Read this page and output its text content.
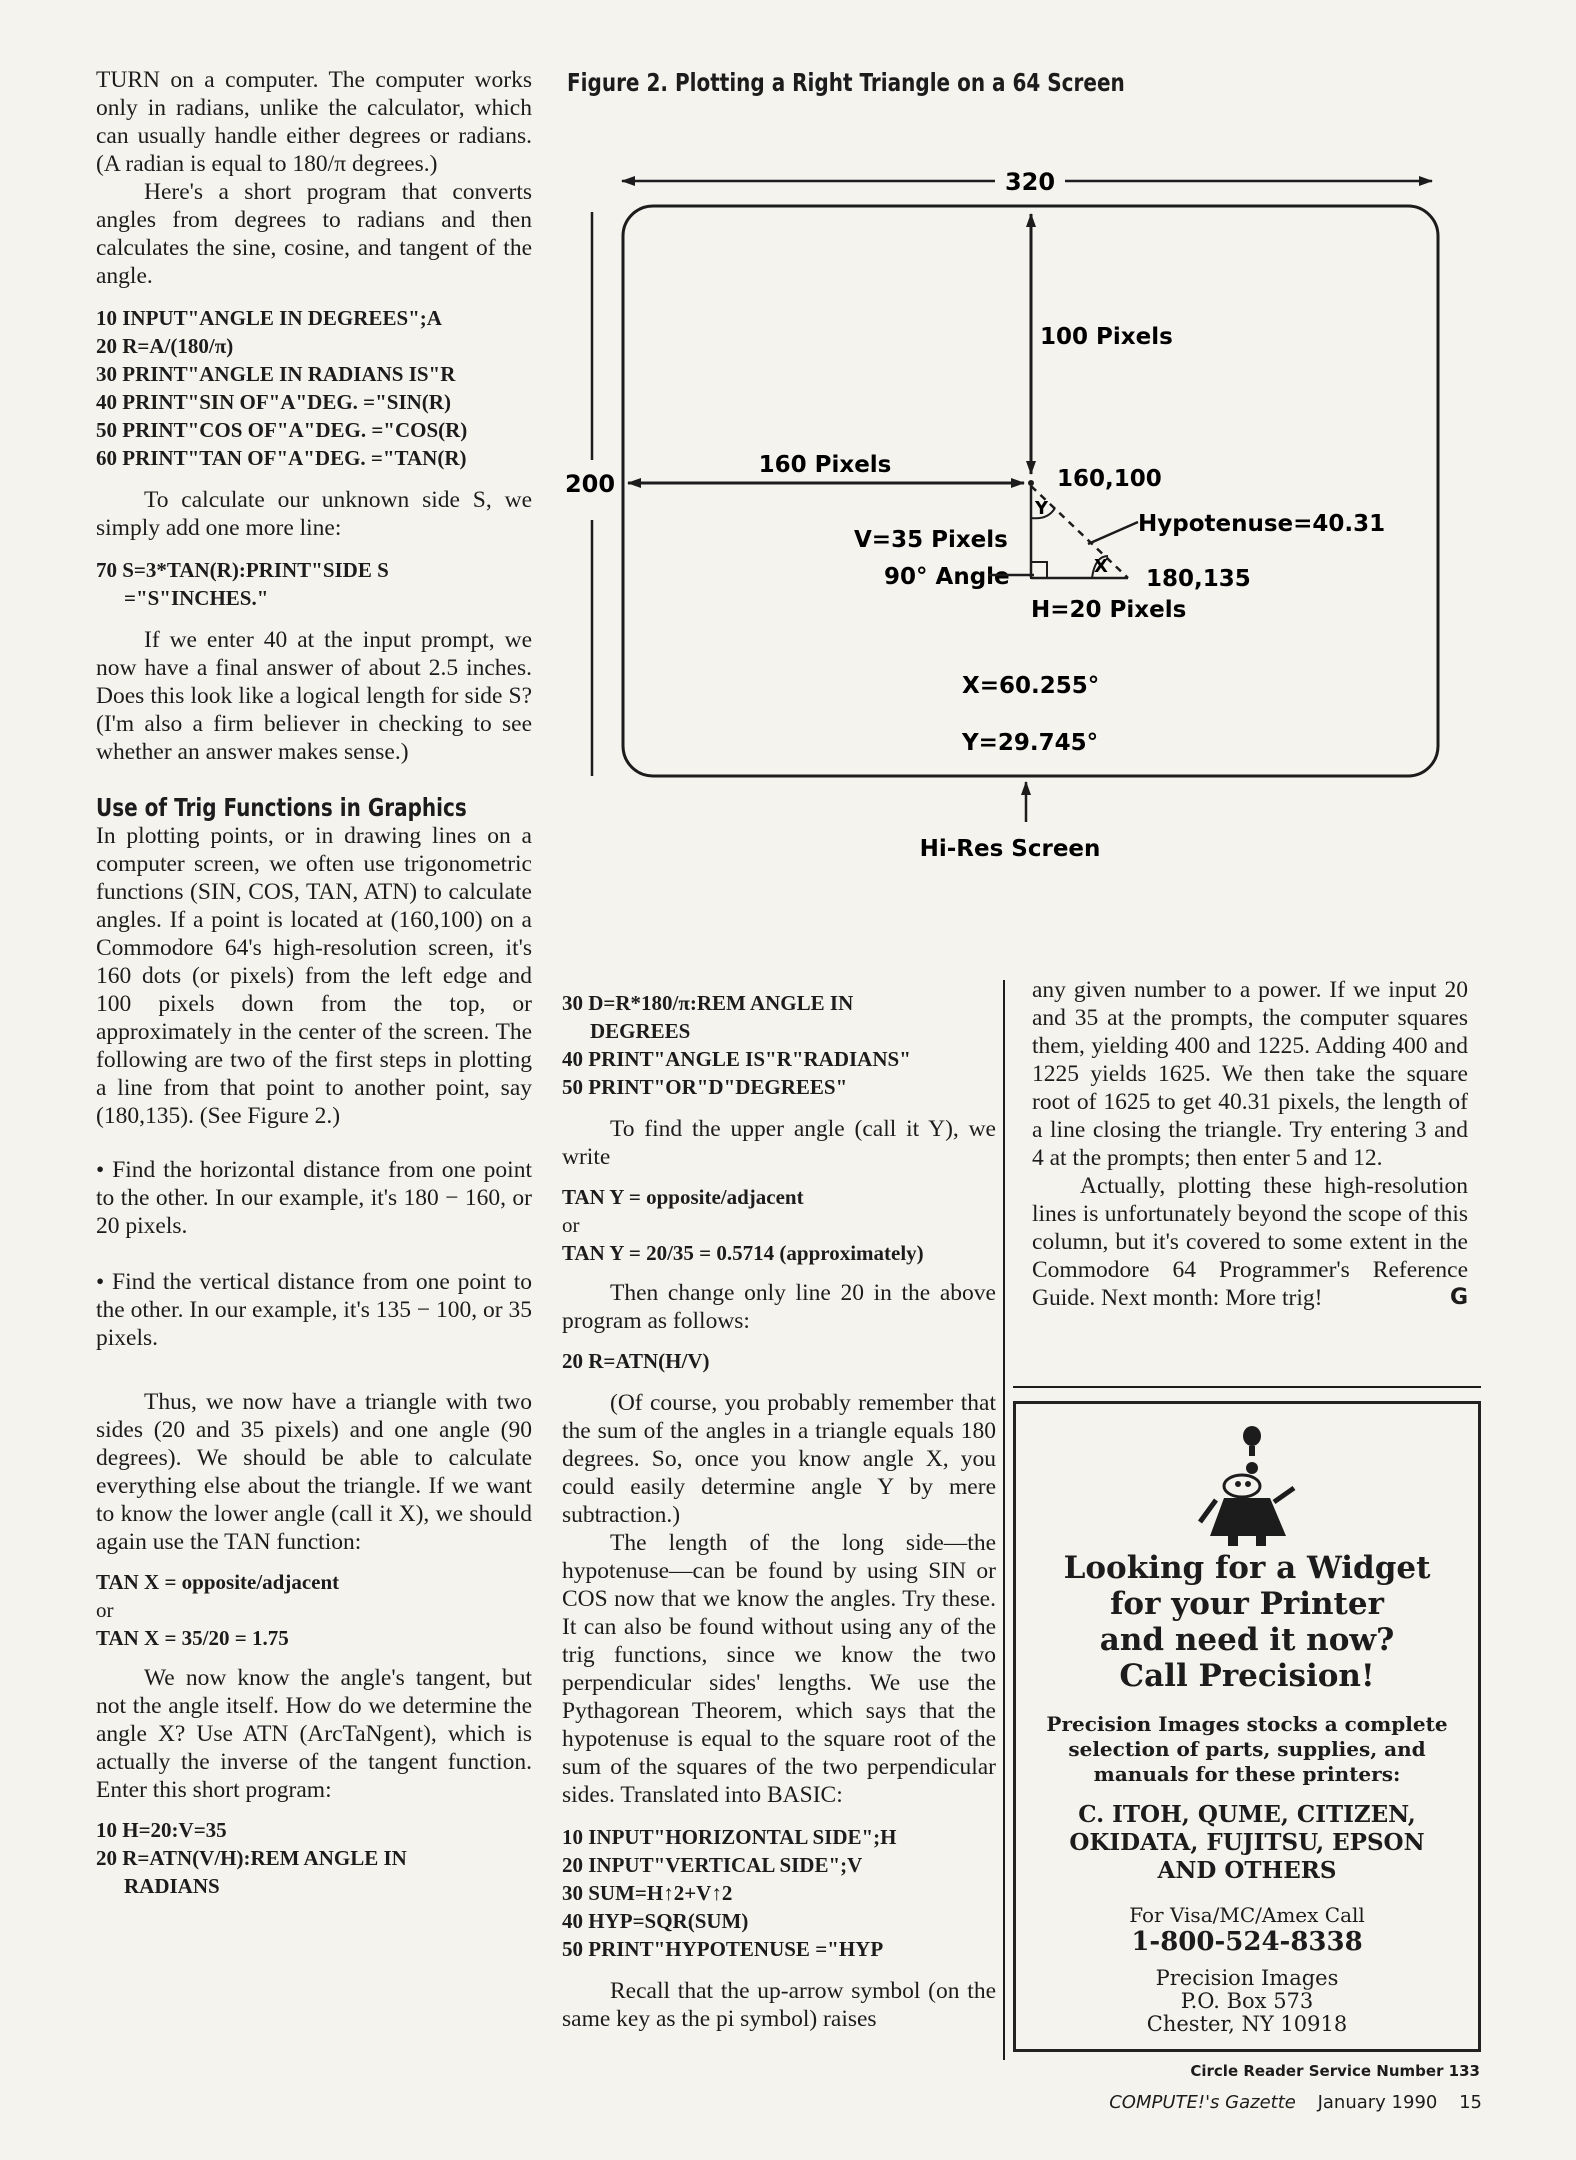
TURN on a computer. The computer works only in radians, unlike the calculator, which can usually handle either degrees or radians. (A radian is equal to 180/π degrees.)

Here's a short program that converts angles from degrees to radians and then calculates the sine, cosine, and tangent of the angle.

10 INPUT"ANGLE IN DEGREES";A
20 R=A/(180/π)
30 PRINT"ANGLE IN RADIANS IS"R
40 PRINT"SIN OF"A"DEG. ="SIN(R)
50 PRINT"COS OF"A"DEG. ="COS(R)
60 PRINT"TAN OF"A"DEG. ="TAN(R)

To calculate our unknown side S, we simply add one more line:

70 S=3*TAN(R):PRINT"SIDE S
="S"INCHES."

If we enter 40 at the input prompt, we now have a final answer of about 2.5 inches. Does this look like a logical length for side S? (I'm also a firm believer in checking to see whether an answer makes sense.)

Use of Trig Functions in Graphics

In plotting points, or in drawing lines on a computer screen, we often use trigonometric functions (SIN, COS, TAN, ATN) to calculate angles. If a point is located at (160,100) on a Commodore 64's high-resolution screen, it's 160 dots (or pixels) from the left edge and 100 pixels down from the top, or approximately in the center of the screen. The following are two of the first steps in plotting a line from that point to another point, say (180,135). (See Figure 2.)

• Find the horizontal distance from one point to the other. In our example, it's 180 − 160, or 20 pixels.
• Find the vertical distance from one point to the other. In our example, it's 135 − 100, or 35 pixels.

Thus, we now have a triangle with two sides (20 and 35 pixels) and one angle (90 degrees). We should be able to calculate everything else about the triangle. If we want to know the lower angle (call it X), we should again use the TAN function:

TAN X = opposite/adjacent
or
TAN X = 35/20 = 1.75

We now know the angle's tangent, but not the angle itself. How do we determine the angle X? Use ATN (ArcTaNgent), which is actually the inverse of the tangent function. Enter this short program:

10 H=20:V=35
20 R=ATN(V/H):REM ANGLE IN
RADIANS
Figure 2. Plotting a Right Triangle on a 64 Screen
320
200
100 Pixels
160 Pixels
160,100
Y
X
Hypotenuse=40.31
V=35 Pixels
90° Angle	180,135
H=20 Pixels
X=60.255°
Y=29.745°
Hi-Res Screen
30 D=R*180/π:REM ANGLE IN
DEGREES
40 PRINT"ANGLE IS"R"RADIANS"
50 PRINT"OR"D"DEGREES"

To find the upper angle (call it Y), we write

TAN Y = opposite/adjacent
or
TAN Y = 20/35 = 0.5714 (approximately)

Then change only line 20 in the above program as follows:

20 R=ATN(H/V)

(Of course, you probably remember that the sum of the angles in a triangle equals 180 degrees. So, once you know angle X, you could easily determine angle Y by mere subtraction.)

The length of the long side—the hypotenuse—can be found by using SIN or COS now that we know the angles. Try these. It can also be found without using any of the trig functions, since we know the two perpendicular sides' lengths. We use the Pythagorean Theorem, which says that the hypotenuse is equal to the square root of the sum of the squares of the two perpendicular sides. Translated into BASIC:

10 INPUT"HORIZONTAL SIDE";H
20 INPUT"VERTICAL SIDE";V
30 SUM=H↑2+V↑2
40 HYP=SQR(SUM)
50 PRINT"HYPOTENUSE ="HYP

Recall that the up-arrow symbol (on the same key as the pi symbol) raises

any given number to a power. If we input 20 and 35 at the prompts, the computer squares them, yielding 400 and 1225. Adding 400 and 1225 yields 1625. We then take the square root of 1625 to get 40.31 pixels, the length of a line closing the triangle. Try entering 3 and 4 at the prompts; then enter 5 and 12.

Actually, plotting these high-resolution lines is unfortunately beyond the scope of this column, but it's covered to some extent in the Commodore 64 Programmer's Reference Guide. Next month: More trig!	G
Looking for a Widget
for your Printer
and need it now?
Call Precision!
Precision Images stocks a complete selection of parts, supplies, and manuals for these printers:
C. ITOH, QUME, CITIZEN,
OKIDATA, FUJITSU, EPSON
AND OTHERS
For Visa/MC/Amex Call
1-800-524-8338
Precision Images
P.O. Box 573
Chester, NY 10918
Circle Reader Service Number 133
COMPUTE!'s Gazette January 1990 15
